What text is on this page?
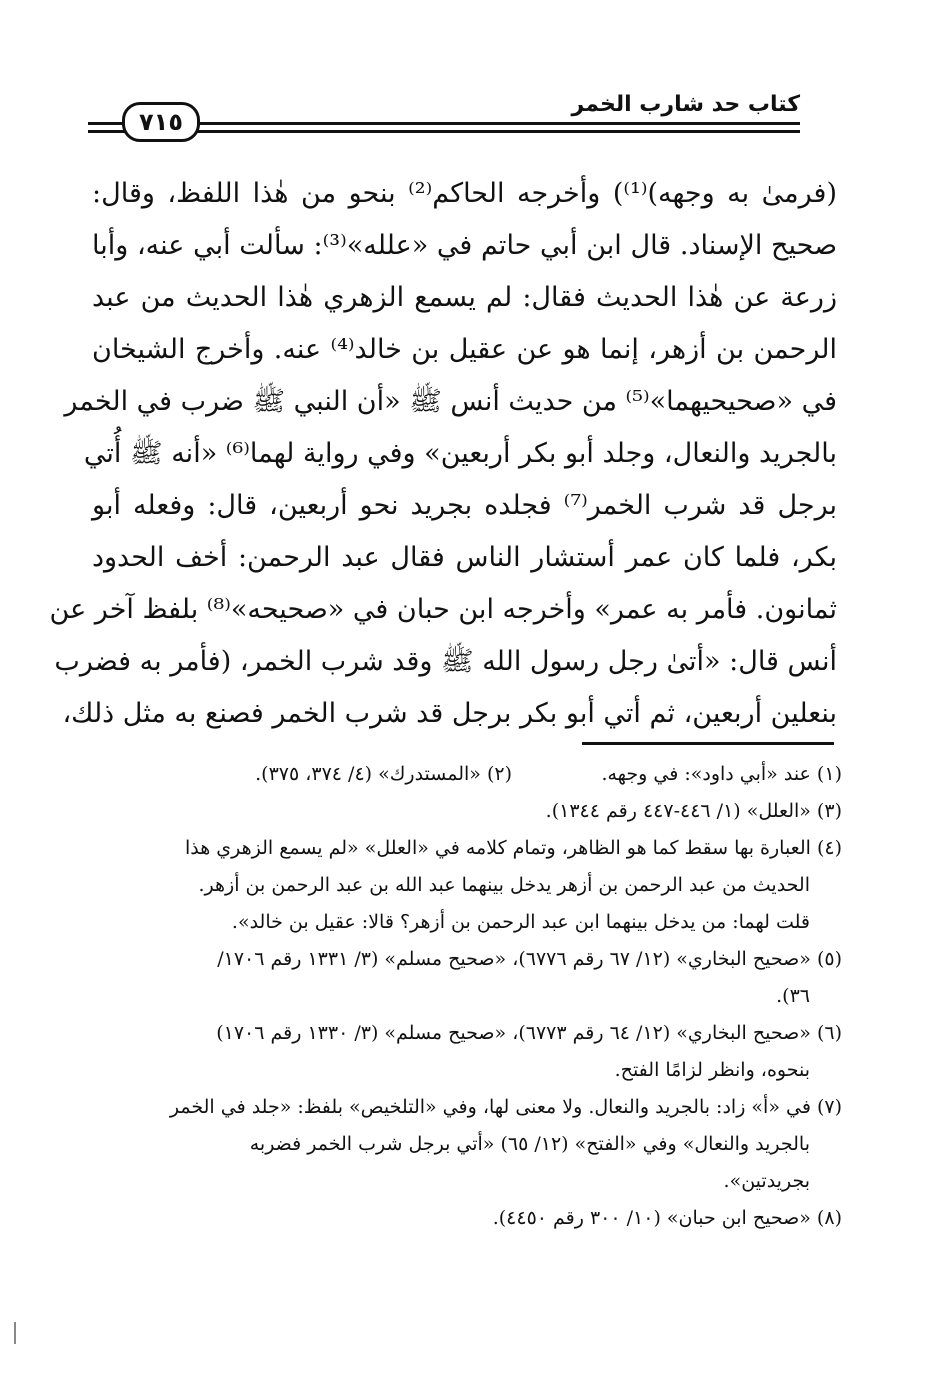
٧١٥
كتاب حد شارب الخمر
(فرمىٰ به وجهه)⁽¹⁾) وأخرجه الحاكم⁽²⁾ بنحو من هٰذا اللفظ، وقال:
صحيح الإسناد. قال ابن أبي حاتم في «علله»⁽³⁾: سألت أبي عنه، وأبا
زرعة عن هٰذا الحديث فقال: لم يسمع الزهري هٰذا الحديث من عبد
الرحمن بن أزهر، إنما هو عن عقيل بن خالد⁽⁴⁾ عنه. وأخرج الشيخان
في «صحيحيهما»⁽⁵⁾ من حديث أنس ﷺ «أن النبي ﷺ ضرب في الخمر
بالجريد والنعال، وجلد أبو بكر أربعين» وفي رواية لهما⁽⁶⁾ «أنه ﷺ أُتي
برجل قد شرب الخمر⁽⁷⁾ فجلده بجريد نحو أربعين، قال: وفعله أبو
بكر، فلما كان عمر أستشار الناس فقال عبد الرحمن: أخف الحدود
ثمانون. فأمر به عمر» وأخرجه ابن حبان في «صحيحه»⁽⁸⁾ بلفظ آخر عن
أنس قال: «أتىٰ رجل رسول الله ﷺ وقد شرب الخمر، (فأمر به فضرب
بنعلين أربعين، ثم أتي أبو بكر برجل قد شرب الخمر فصنع به مثل ذلك،
(١) عند «أبي داود»: في وجهه.
(٢) «المستدرك» (٤/ ٣٧٤، ٣٧٥).
(٣) «العلل» (١/ ٤٤٦-٤٤٧ رقم ١٣٤٤).
(٤) العبارة بها سقط كما هو الظاهر، وتمام كلامه في «العلل» «لم يسمع الزهري هذا
الحديث من عبد الرحمن بن أزهر يدخل بينهما عبد الله بن عبد الرحمن بن أزهر.
قلت لهما: من يدخل بينهما ابن عبد الرحمن بن أزهر؟ قالا: عقيل بن خالد».
(٥) «صحيح البخاري» (١٢/ ٦٧ رقم ٦٧٧٦)، «صحيح مسلم» (٣/ ١٣٣١ رقم ١٧٠٦/
٣٦).
(٦) «صحيح البخاري» (١٢/ ٦٤ رقم ٦٧٧٣)، «صحيح مسلم» (٣/ ١٣٣٠ رقم ١٧٠٦)
بنحوه، وانظر لزامًا الفتح.
(٧) في «أ» زاد: بالجريد والنعال. ولا معنى لها، وفي «التلخيص» بلفظ: «جلد في الخمر
بالجريد والنعال» وفي «الفتح» (١٢/ ٦٥) «أتي برجل شرب الخمر فضربه
بجريدتين».
(٨) «صحيح ابن حبان» (١٠/ ٣٠٠ رقم ٤٤٥٠).
